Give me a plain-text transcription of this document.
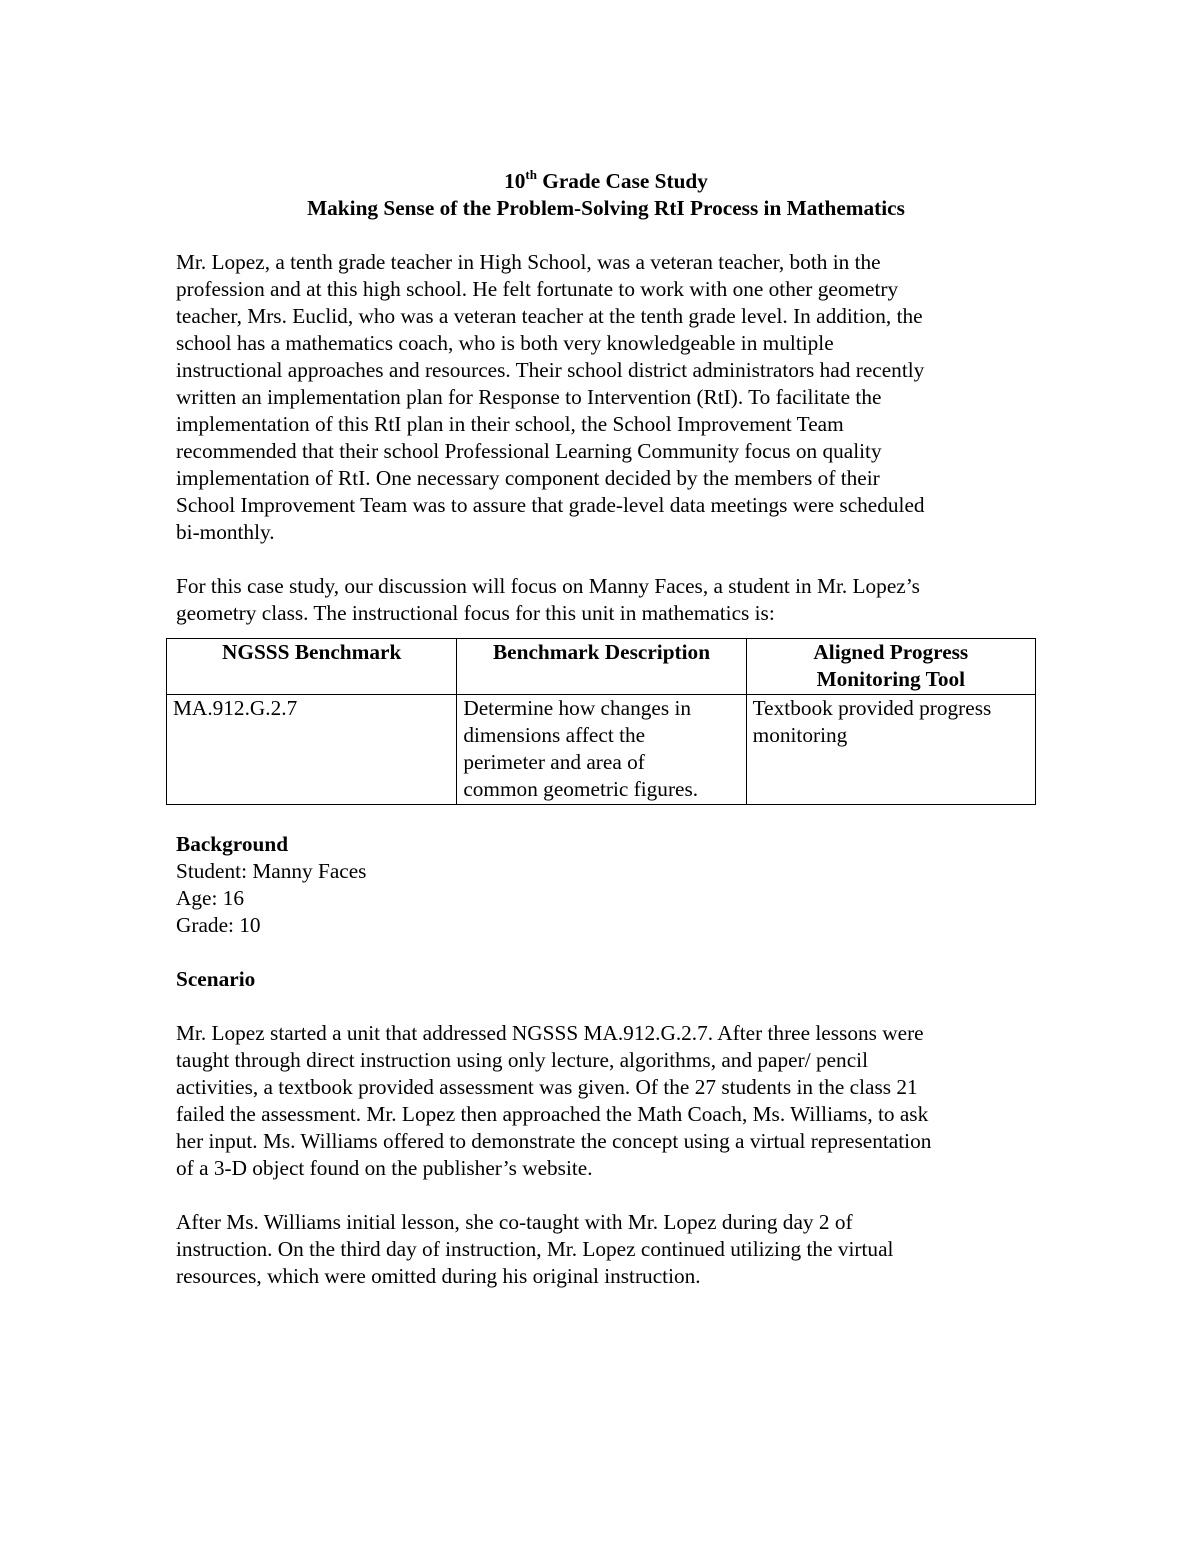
10th Grade Case Study

Making Sense of the Problem-Solving RtI Process in Mathematics

Mr. Lopez, a tenth grade teacher in High School, was a veteran teacher, both in the
profession and at this high school. He felt fortunate to work with one other geometry
teacher, Mrs. Euclid, who was a veteran teacher at the tenth grade level. In addition, the
school has a mathematics coach, who is both very knowledgeable in multiple
instructional approaches and resources. Their school district administrators had recently
written an implementation plan for Response to Intervention (RtI). To facilitate the
implementation of this RtI plan in their school, the School Improvement Team
recommended that their school Professional Learning Community focus on quality
implementation of RtI. One necessary component decided by the members of their
School Improvement Team was to assure that grade-level data meetings were scheduled
bi-monthly.

For this case study, our discussion will focus on Manny Faces, a student in Mr. Lopez’s
geometry class. The instructional focus for this unit in mathematics is:

NGSSS Benchmark	Benchmark Description	Aligned Progress
Monitoring Tool
MA.912.G.2.7	Determine how changes in
dimensions affect the
perimeter and area of
common geometric figures.	Textbook provided progress
monitoring

Background

Student: Manny Faces

Age: 16

Grade: 10

Scenario

Mr. Lopez started a unit that addressed NGSSS MA.912.G.2.7. After three lessons were
taught through direct instruction using only lecture, algorithms, and paper/ pencil
activities, a textbook provided assessment was given. Of the 27 students in the class 21
failed the assessment. Mr. Lopez then approached the Math Coach, Ms. Williams, to ask
her input. Ms. Williams offered to demonstrate the concept using a virtual representation
of a 3-D object found on the publisher’s website.

After Ms. Williams initial lesson, she co-taught with Mr. Lopez during day 2 of
instruction. On the third day of instruction, Mr. Lopez continued utilizing the virtual
resources, which were omitted during his original instruction.
